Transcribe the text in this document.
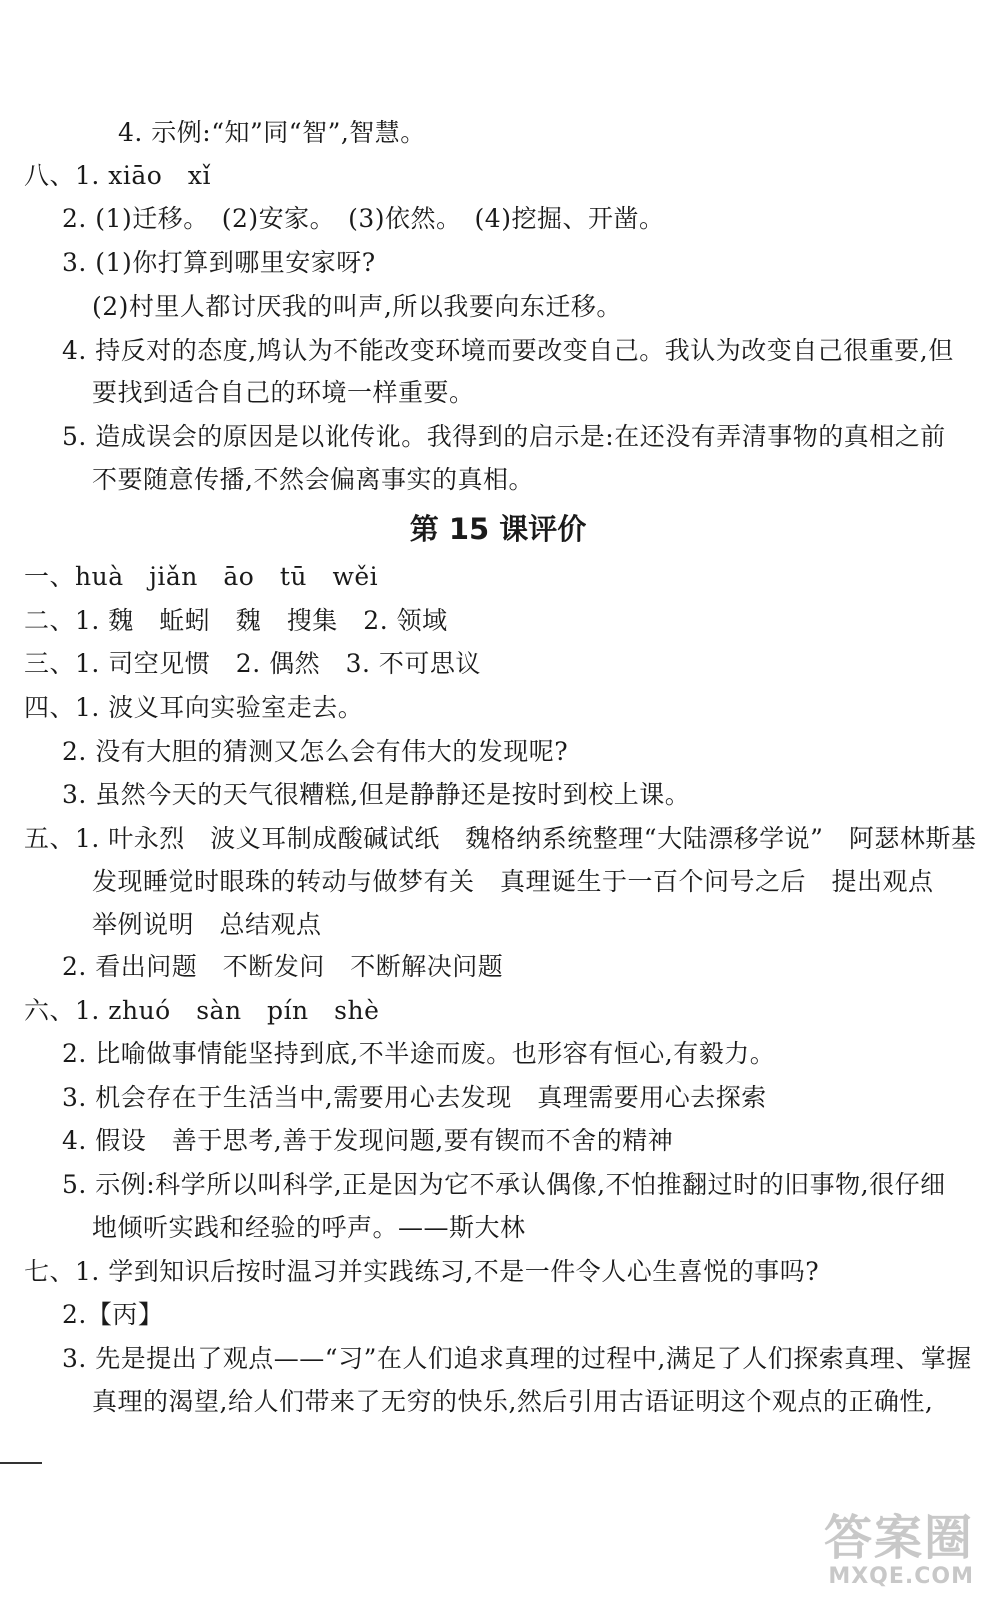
4. 示例:“知”同“智”,智慧。
八、1. xiāo　xǐ
2. (1)迁移。　(2)安家。　(3)依然。　(4)挖掘、开凿。
3. (1)你打算到哪里安家呀?
(2)村里人都讨厌我的叫声,所以我要向东迁移。
4. 持反对的态度,鸠认为不能改变环境而要改变自己。我认为改变自己很重要,但
要找到适合自己的环境一样重要。
5. 造成误会的原因是以讹传讹。我得到的启示是:在还没有弄清事物的真相之前
不要随意传播,不然会偏离事实的真相。
第 15 课评价
一、huà　jiǎn　āo　tū　wěi
二、1. 魏　蚯蚓　魏　搜集　2. 领域
三、1. 司空见惯　2. 偶然　3. 不可思议
四、1. 波义耳向实验室走去。
2. 没有大胆的猜测又怎么会有伟大的发现呢?
3. 虽然今天的天气很糟糕,但是静静还是按时到校上课。
五、1. 叶永烈　波义耳制成酸碱试纸　魏格纳系统整理“大陆漂移学说”　阿瑟林斯基
发现睡觉时眼珠的转动与做梦有关　真理诞生于一百个问号之后　提出观点
举例说明　总结观点
2. 看出问题　不断发问　不断解决问题
六、1. zhuó　sàn　pín　shè
2. 比喻做事情能坚持到底,不半途而废。也形容有恒心,有毅力。
3. 机会存在于生活当中,需要用心去发现　真理需要用心去探索
4. 假设　善于思考,善于发现问题,要有锲而不舍的精神
5. 示例:科学所以叫科学,正是因为它不承认偶像,不怕推翻过时的旧事物,很仔细
地倾听实践和经验的呼声。——斯大林
七、1. 学到知识后按时温习并实践练习,不是一件令人心生喜悦的事吗?
2.【丙】
3. 先是提出了观点——“习”在人们追求真理的过程中,满足了人们探索真理、掌握
真理的渴望,给人们带来了无穷的快乐,然后引用古语证明这个观点的正确性,
答案圈
MXQE.COM
